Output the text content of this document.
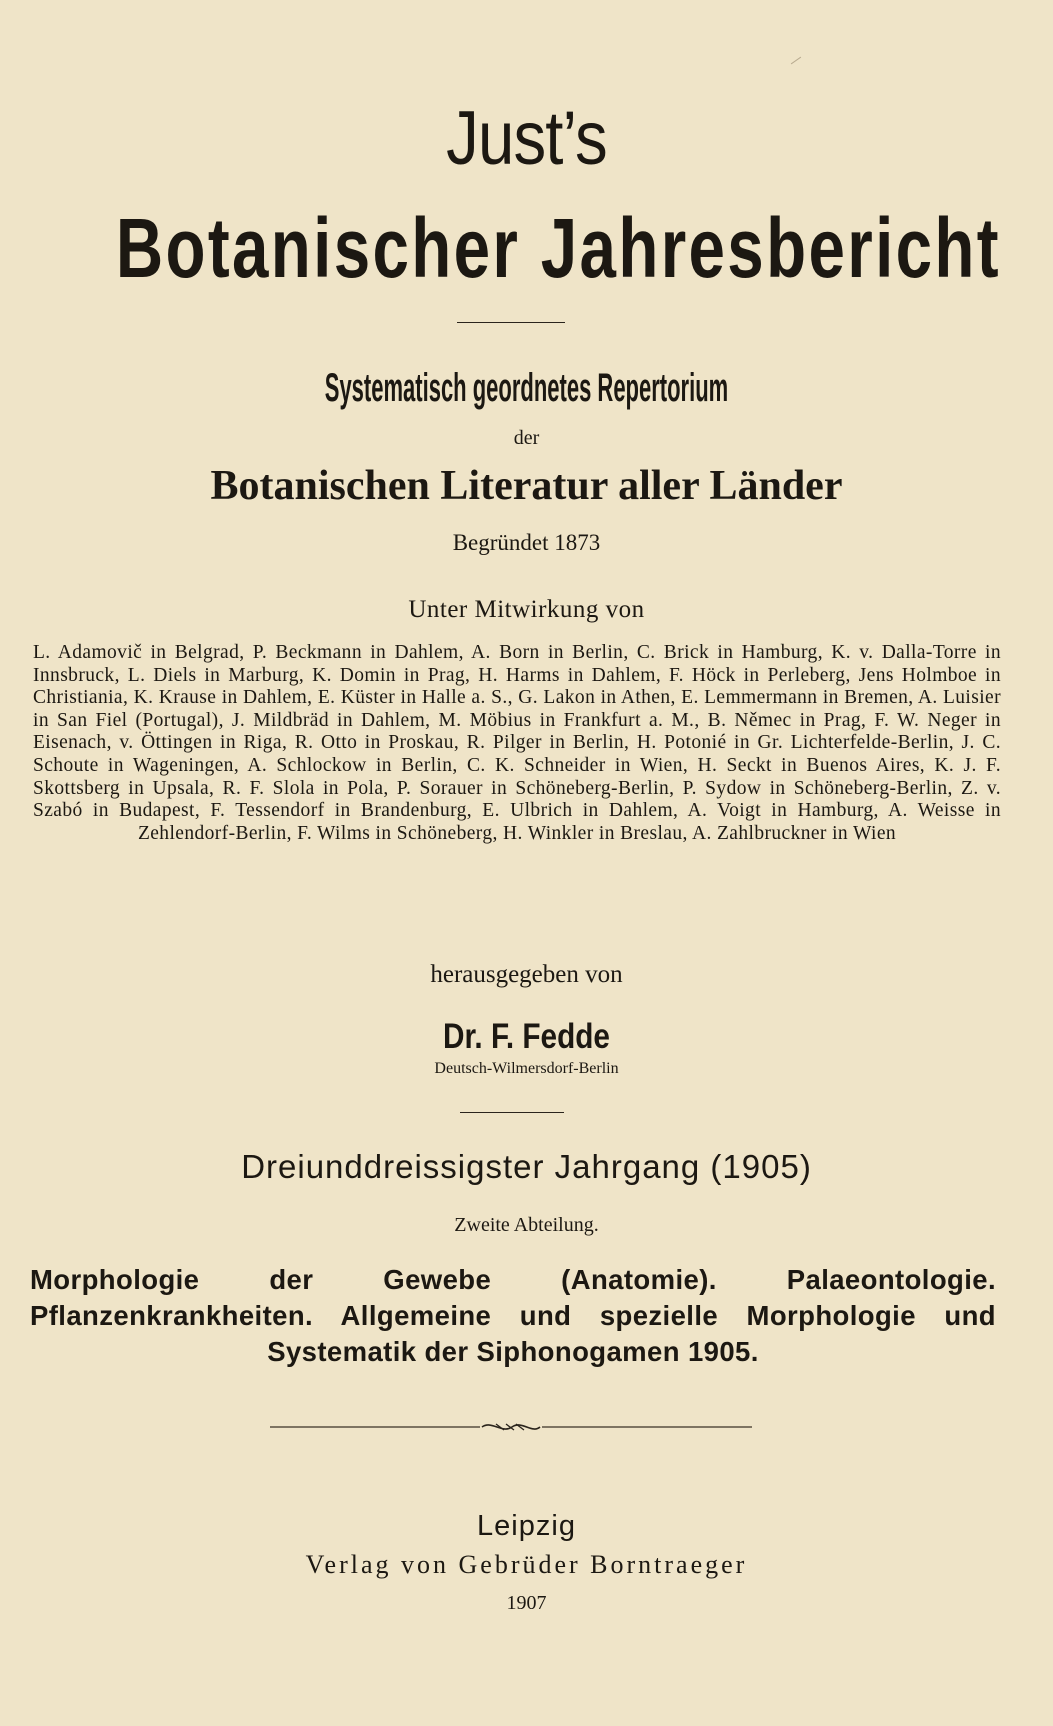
Just’s
Botanischer Jahresbericht
Systematisch geordnetes Repertorium
der
Botanischen Literatur aller Länder
Begründet 1873
Unter Mitwirkung von
L. Adamovič in Belgrad, P. Beckmann in Dahlem, A. Born in Berlin, C. Brick in Hamburg, K. v. Dalla-Torre in Innsbruck, L. Diels in Marburg, K. Domin in Prag, H. Harms in Dahlem, F. Höck in Perleberg, Jens Holmboe in Christiania, K. Krause in Dahlem, E. Küster in Halle a. S., G. Lakon in Athen, E. Lemmermann in Bremen, A. Luisier in San Fiel (Portugal), J. Mildbräd in Dahlem, M. Möbius in Frankfurt a. M., B. Němec in Prag, F. W. Neger in Eisenach, v. Öttingen in Riga, R. Otto in Proskau, R. Pilger in Berlin, H. Potonié in Gr. Lichterfelde-Berlin, J. C. Schoute in Wageningen, A. Schlockow in Berlin, C. K. Schneider in Wien, H. Seckt in Buenos Aires, K. J. F. Skottsberg in Upsala, R. F. Slola in Pola, P. Sorauer in Schöneberg-Berlin, P. Sydow in Schöneberg-Berlin, Z. v. Szabó in Budapest, F. Tessendorf in Brandenburg, E. Ulbrich in Dahlem, A. Voigt in Hamburg, A. Weisse in Zehlendorf-Berlin, F. Wilms in Schöneberg, H. Winkler in Breslau, A. Zahlbruckner in Wien
herausgegeben von
Dr. F. Fedde
Deutsch-Wilmersdorf-Berlin
Dreiunddreissigster Jahrgang (1905)
Zweite Abteilung.
Morphologie der Gewebe (Anatomie). Palaeontologie. Pflanzenkrankheiten. Allgemeine und spezielle Morphologie und Systematik der Siphonogamen 1905.
Leipzig
Verlag von Gebrüder Borntraeger
1907
